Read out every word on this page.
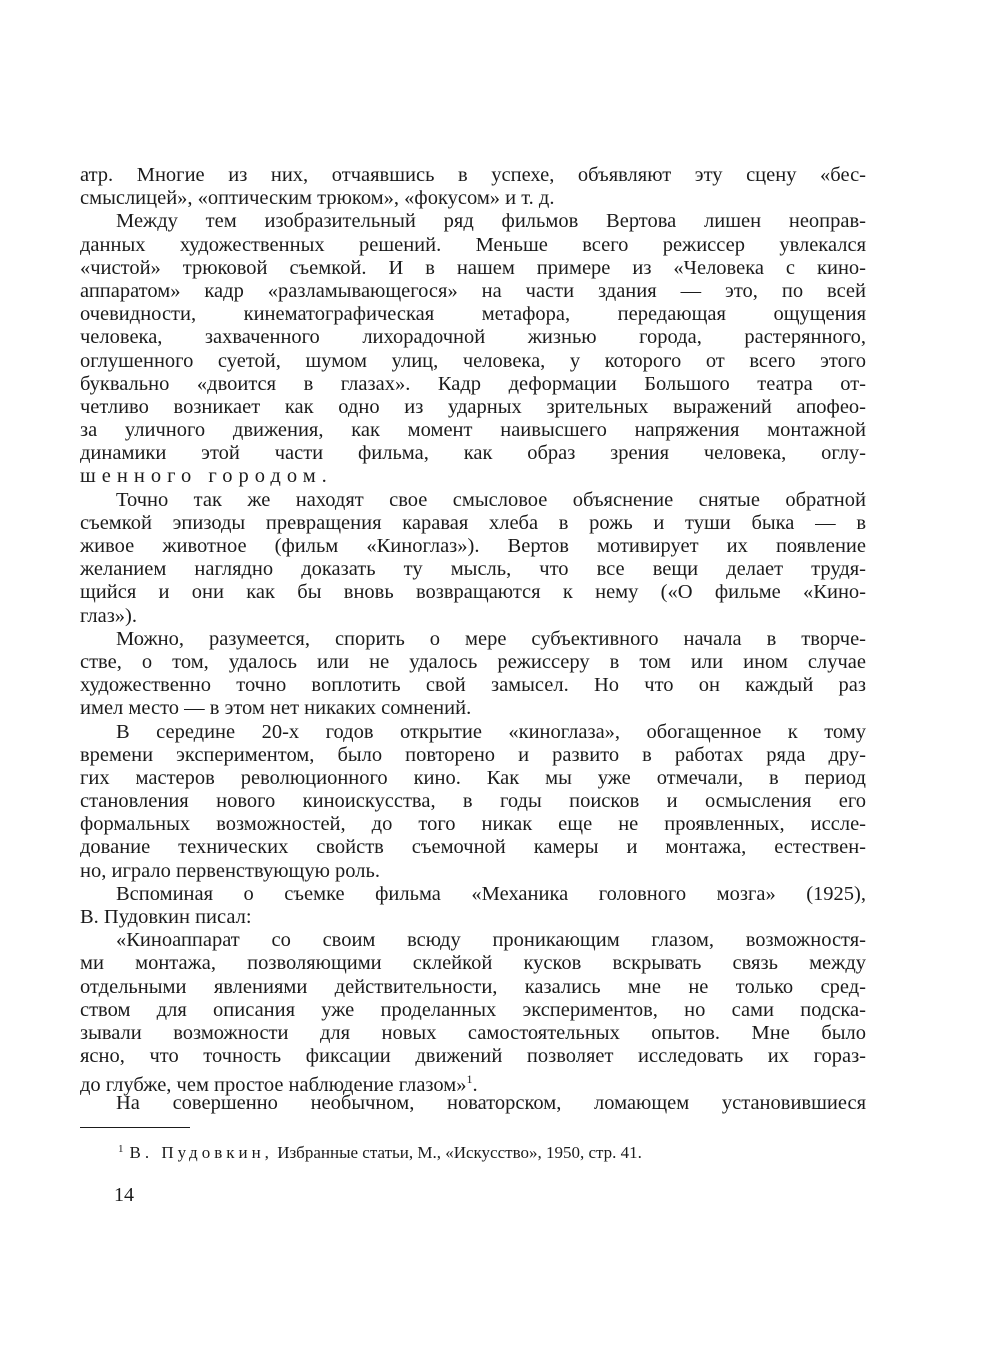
атр. Многие из них, отчаявшись в успехе, объявляют эту сцену «бес-
смыслицей», «оптическим трюком», «фокусом» и т. д.
Между тем изобразительный ряд фильмов Вертова лишен неоправ-
данных художественных решений. Меньше всего режиссер увлекался
«чистой» трюковой съемкой. И в нашем примере из «Человека с кино-
аппаратом» кадр «разламывающегося» на части здания — это, по всей
очевидности, кинематографическая метафора, передающая ощущения
человека, захваченного лихорадочной жизнью города, растерянного,
оглушенного суетой, шумом улиц, человека, у которого от всего этого
буквально «двоится в глазах». Кадр деформации Большого театра от-
четливо возникает как одно из ударных зрительных выражений апофео-
за уличного движения, как момент наивысшего напряжения монтажной
динамики этой части фильма, как образ зрения человека, оглу-
шенного городом.
Точно так же находят свое смысловое объяснение снятые обратной
съемкой эпизоды превращения каравая хлеба в рожь и туши быка — в
живое животное (фильм «Киноглаз»). Вертов мотивирует их появление
желанием наглядно доказать ту мысль, что все вещи делает трудя-
щийся и они как бы вновь возвращаются к нему («О фильме «Кино-
глаз»).
Можно, разумеется, спорить о мере субъективного начала в творче-
стве, о том, удалось или не удалось режиссеру в том или ином случае
художественно точно воплотить свой замысел. Но что он каждый раз
имел место — в этом нет никаких сомнений.
В середине 20-х годов открытие «киноглаза», обогащенное к тому
времени экспериментом, было повторено и развито в работах ряда дру-
гих мастеров революционного кино. Как мы уже отмечали, в период
становления нового киноискусства, в годы поисков и осмысления его
формальных возможностей, до того никак еще не проявленных, иссле-
дование технических свойств съемочной камеры и монтажа, естествен-
но, играло первенствующую роль.
Вспоминая о съемке фильма «Механика головного мозга» (1925),
В. Пудовкин писал:
«Киноаппарат со своим всюду проникающим глазом, возможностя-
ми монтажа, позволяющими склейкой кусков вскрывать связь между
отдельными явлениями действительности, казались мне не только сред-
ством для описания уже проделанных экспериментов, но сами подска-
зывали возможности для новых самостоятельных опытов. Мне было
ясно, что точность фиксации движений позволяет исследовать их гораз-
до глубже, чем простое наблюдение глазом»$^1$.
На совершенно необычном, новаторском, ломающем установившиеся
$^1$ В. Пудовкин, Избранные статьи, М., «Искусство», 1950, стр. 41.
14
